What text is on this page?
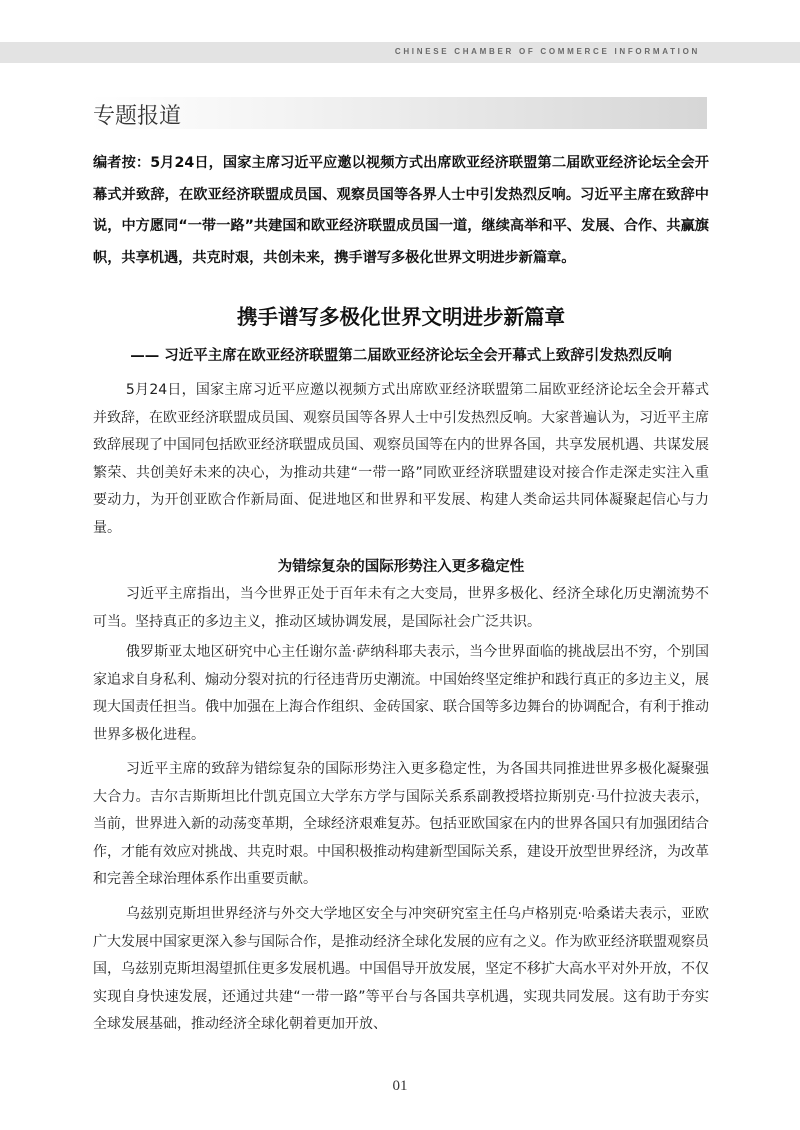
CHINESE CHAMBER OF COMMERCE INFORMATION
专题报道
编者按：5月24日，国家主席习近平应邀以视频方式出席欧亚经济联盟第二届欧亚经济论坛全会开幕式并致辞，在欧亚经济联盟成员国、观察员国等各界人士中引发热烈反响。习近平主席在致辞中说，中方愿同“一带一路”共建国和欧亚经济联盟成员国一道，继续高举和平、发展、合作、共赢旗帜，共享机遇，共克时艰，共创未来，携手谱写多极化世界文明进步新篇章。
携手谱写多极化世界文明进步新篇章
—— 习近平主席在欧亚经济联盟第二届欧亚经济论坛全会开幕式上致辞引发热烈反响

5月24日，国家主席习近平应邀以视频方式出席欧亚经济联盟第二届欧亚经济论坛全会开幕式并致辞，在欧亚经济联盟成员国、观察员国等各界人士中引发热烈反响。大家普遍认为，习近平主席致辞展现了中国同包括欧亚经济联盟成员国、观察员国等在内的世界各国，共享发展机遇、共谋发展繁荣、共创美好未来的决心，为推动共建“一带一路”同欧亚经济联盟建设对接合作走深走实注入重要动力，为开创亚欧合作新局面、促进地区和世界和平发展、构建人类命运共同体凝聚起信心与力量。

为错综复杂的国际形势注入更多稳定性

习近平主席指出，当今世界正处于百年未有之大变局，世界多极化、经济全球化历史潮流势不可当。坚持真正的多边主义，推动区域协调发展，是国际社会广泛共识。

俄罗斯亚太地区研究中心主任谢尔盖·萨纳科耶夫表示，当今世界面临的挑战层出不穷，个别国家追求自身私利、煽动分裂对抗的行径违背历史潮流。中国始终坚定维护和践行真正的多边主义，展现大国责任担当。俄中加强在上海合作组织、金砖国家、联合国等多边舞台的协调配合，有利于推动世界多极化进程。

习近平主席的致辞为错综复杂的国际形势注入更多稳定性，为各国共同推进世界多极化凝聚强大合力。吉尔吉斯斯坦比什凯克国立大学东方学与国际关系系副教授塔拉斯别克·马什拉波夫表示，当前，世界进入新的动荡变革期，全球经济艰难复苏。包括亚欧国家在内的世界各国只有加强团结合作，才能有效应对挑战、共克时艰。中国积极推动构建新型国际关系，建设开放型世界经济，为改革和完善全球治理体系作出重要贡献。

乌兹别克斯坦世界经济与外交大学地区安全与冲突研究室主任乌卢格别克·哈桑诺夫表示，亚欧广大发展中国家更深入参与国际合作，是推动经济全球化发展的应有之义。作为欧亚经济联盟观察员国，乌兹别克斯坦渴望抓住更多发展机遇。中国倡导开放发展，坚定不移扩大高水平对外开放，不仅实现自身快速发展，还通过共建“一带一路”等平台与各国共享机遇，实现共同发展。这有助于夯实全球发展基础，推动经济全球化朝着更加开放、

01
